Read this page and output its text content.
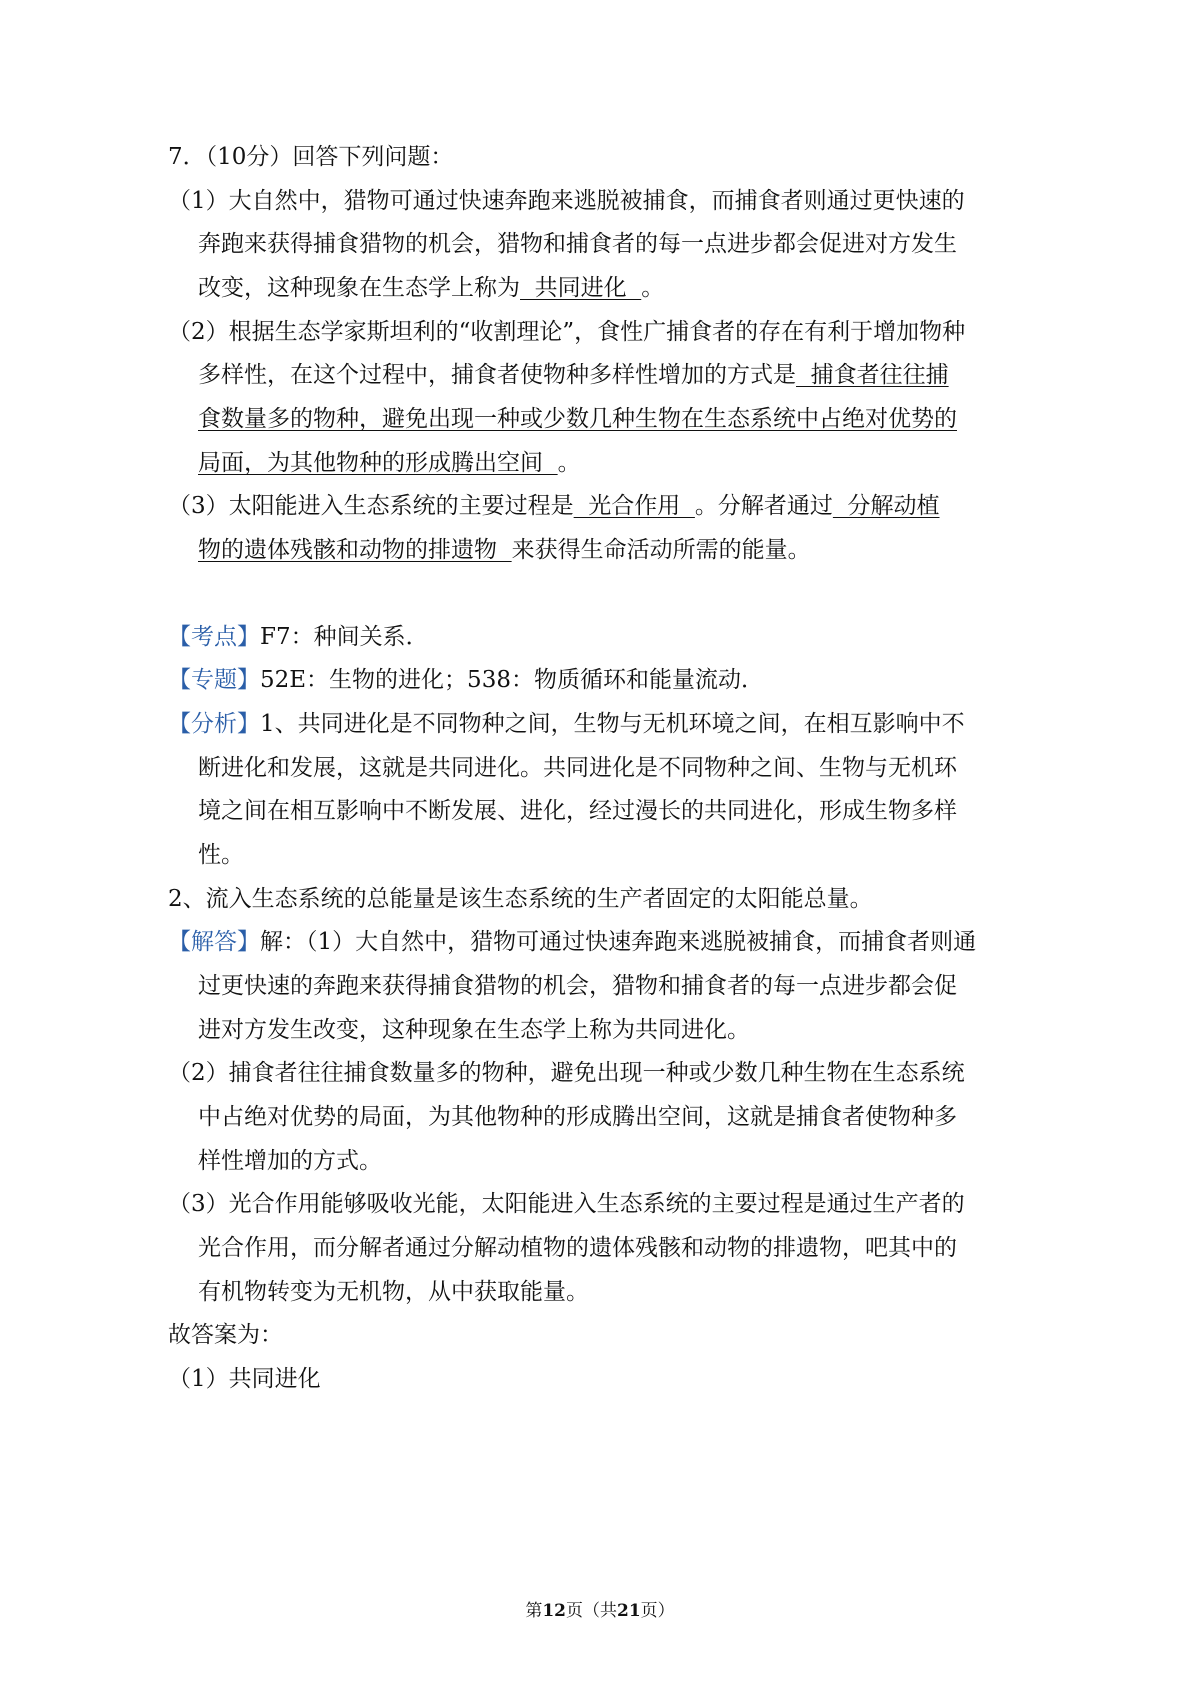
7．（10分）回答下列问题：
（1）大自然中，猎物可通过快速奔跑来逃脱被捕食，而捕食者则通过更快速的
奔跑来获得捕食猎物的机会，猎物和捕食者的每一点进步都会促进对方发生
改变，这种现象在生态学上称为  共同进化  。
（2）根据生态学家斯坦利的“收割理论”，食性广捕食者的存在有利于增加物种
多样性，在这个过程中，捕食者使物种多样性增加的方式是  捕食者往往捕
食数量多的物种，避免出现一种或少数几种生物在生态系统中占绝对优势的
局面，为其他物种的形成腾出空间  。
（3）太阳能进入生态系统的主要过程是  光合作用  。分解者通过  分解动植
物的遗体残骸和动物的排遗物  来获得生命活动所需的能量。
【考点】F7：种间关系．
【专题】52E：生物的进化；538：物质循环和能量流动．
【分析】1、共同进化是不同物种之间，生物与无机环境之间，在相互影响中不
断进化和发展，这就是共同进化。共同进化是不同物种之间、生物与无机环
境之间在相互影响中不断发展、进化，经过漫长的共同进化，形成生物多样
性。
2、流入生态系统的总能量是该生态系统的生产者固定的太阳能总量。
【解答】解：（1）大自然中，猎物可通过快速奔跑来逃脱被捕食，而捕食者则通
过更快速的奔跑来获得捕食猎物的机会，猎物和捕食者的每一点进步都会促
进对方发生改变，这种现象在生态学上称为共同进化。
（2）捕食者往往捕食数量多的物种，避免出现一种或少数几种生物在生态系统
中占绝对优势的局面，为其他物种的形成腾出空间，这就是捕食者使物种多
样性增加的方式。
（3）光合作用能够吸收光能，太阳能进入生态系统的主要过程是通过生产者的
光合作用，而分解者通过分解动植物的遗体残骸和动物的排遗物，吧其中的
有机物转变为无机物，从中获取能量。
故答案为：
（1）共同进化
第12页（共21页）
